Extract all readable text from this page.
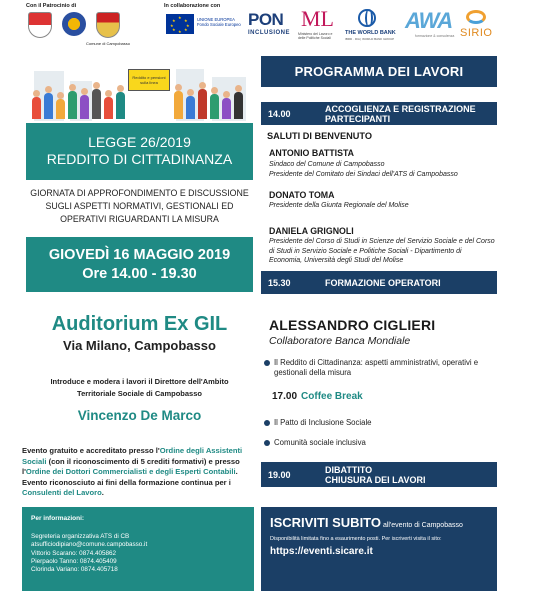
Con il Patrocinio di
Comune di Campobasso
In collaborazione con
★
★ ★
★	★
★ ★
★
UNIONE EUROPEA Fondo Sociale Europeo PON
INCLUSIONE
ML
Ministero del Lavoro e delle Politiche Sociali
THE WORLD BANK
IBRD · IDA | WORLD BANK GROUP
AWA
formazione & consulenza SIRIO
Reddito e pensioni sulla linea
LEGGE 26/2019
REDDITO DI CITTADINANZA
GIORNATA DI APPROFONDIMENTO E DISCUSSIONE
SUGLI ASPETTI NORMATIVI, GESTIONALI ED
OPERATIVI RIGUARDANTI LA MISURA
GIOVEDÌ 16 MAGGIO 2019
Ore 14.00 - 19.30
Auditorium Ex GIL
Via Milano, Campobasso
Introduce e modera i lavori il Direttore dell'Ambito
Territoriale Sociale di Campobasso
Vincenzo De Marco
Evento gratuito e accreditato presso l'Ordine degli Assistenti Sociali (con il riconoscimento di 5 crediti formativi) e presso l'Ordine dei Dottori Commercialisti e degli Esperti Contabili. Evento riconosciuto ai fini della formazione continua per i Consulenti del Lavoro.
Per informazioni:
Segreteria organizzativa ATS di CB
atsufficiodipiano@comune.campobasso.it
Vittorio Scarano: 0874.405862
Pierpaolo Tanno: 0874.405409
Clorinda Variano: 0874.405718
PROGRAMMA DEI LAVORI
14.00	ACCOGLIENZA E REGISTRAZIONE
PARTECIPANTI
SALUTI DI BENVENUTO
ANTONIO BATTISTA
Sindaco del Comune di Campobasso
Presidente del Comitato dei Sindaci dell'ATS di Campobasso
DONATO TOMA
Presidente della Giunta Regionale del Molise
DANIELA GRIGNOLI
Presidente del Corso di Studi in Scienze del Servizio Sociale e del Corso
di Studi in Servizio Sociale e Politiche Sociali - Dipartimento di
Economia, Università degli Studi del Molise
15.30	FORMAZIONE OPERATORI
ALESSANDRO CIGLIERI
Collaboratore Banca Mondiale
Il Reddito di Cittadinanza: aspetti amministrativi, operativi e
gestionali della misura
17.00 Coffee Break
Il Patto di Inclusione Sociale
Comunità sociale inclusiva
19.00	DIBATTITO
CHIUSURA DEI LAVORI
ISCRIVITI SUBITO all'evento di Campobasso
Disponibilità limitata fino a esaurimento posti. Per iscriverti visita il sito:
https://eventi.sicare.it
